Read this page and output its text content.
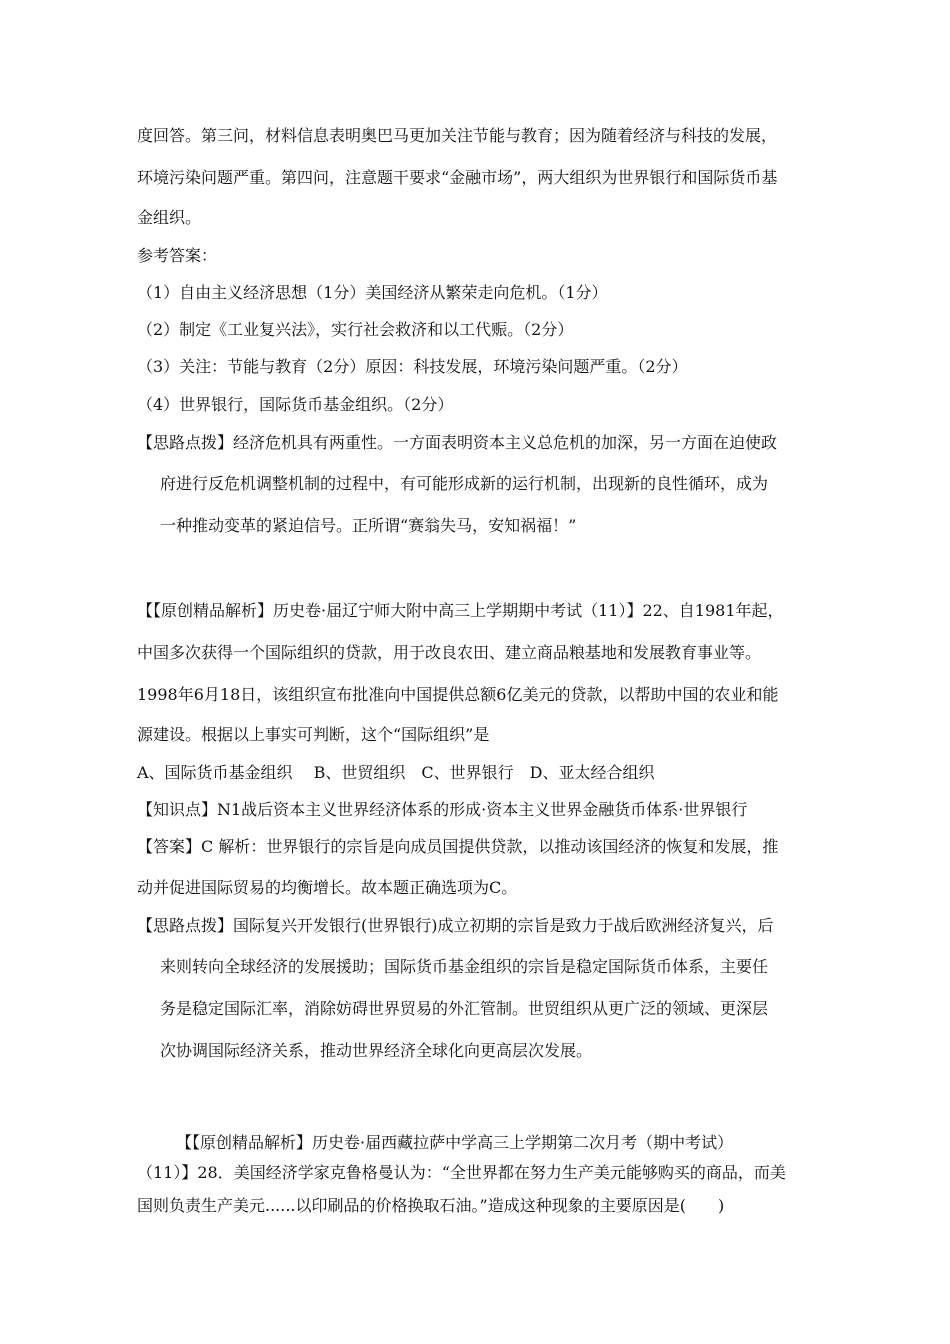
度回答。第三问，材料信息表明奥巴马更加关注节能与教育；因为随着经济与科技的发展，
环境污染问题严重。第四问，注意题干要求“金融市场”，两大组织为世界银行和国际货币基
金组织。
参考答案：
（1）自由主义经济思想（1分）美国经济从繁荣走向危机。（1分）
（2）制定《工业复兴法》，实行社会救济和以工代赈。（2分）
（3）关注：节能与教育（2分）原因：科技发展，环境污染问题严重。（2分）
（4）世界银行，国际货币基金组织。（2分）
【思路点拨】经济危机具有两重性。一方面表明资本主义总危机的加深，另一方面在迫使政
府进行反危机调整机制的过程中，有可能形成新的运行机制，出现新的良性循环，成为
一种推动变革的紧迫信号。正所谓“赛翁失马，安知祸福！”
【【原创精品解析】历史卷·届辽宁师大附中高三上学期期中考试（11）】22、自1981年起，
中国多次获得一个国际组织的贷款，用于改良农田、建立商品粮基地和发展教育事业等。
1998年6月18日，该组织宣布批准向中国提供总额6亿美元的贷款，以帮助中国的农业和能
源建设。根据以上事实可判断，这个“国际组织”是
A、国际货币基金组织　 B、世贸组织　C、世界银行　D、亚太经合组织
【知识点】N1战后资本主义世界经济体系的形成·资本主义世界金融货币体系·世界银行
【答案】C 解析：世界银行的宗旨是向成员国提供贷款，以推动该国经济的恢复和发展，推
动并促进国际贸易的均衡增长。故本题正确选项为C。
【思路点拨】国际复兴开发银行(世界银行)成立初期的宗旨是致力于战后欧洲经济复兴，后
来则转向全球经济的发展援助；国际货币基金组织的宗旨是稳定国际货币体系，主要任
务是稳定国际汇率，消除妨碍世界贸易的外汇管制。世贸组织从更广泛的领域、更深层
次协调国际经济关系，推动世界经济全球化向更高层次发展。
【【原创精品解析】历史卷·届西藏拉萨中学高三上学期第二次月考（期中考试）
（11）】28．美国经济学家克鲁格曼认为：“全世界都在努力生产美元能够购买的商品，而美
国则负责生产美元......以印刷品的价格换取石油。”造成这种现象的主要原因是(　　)
